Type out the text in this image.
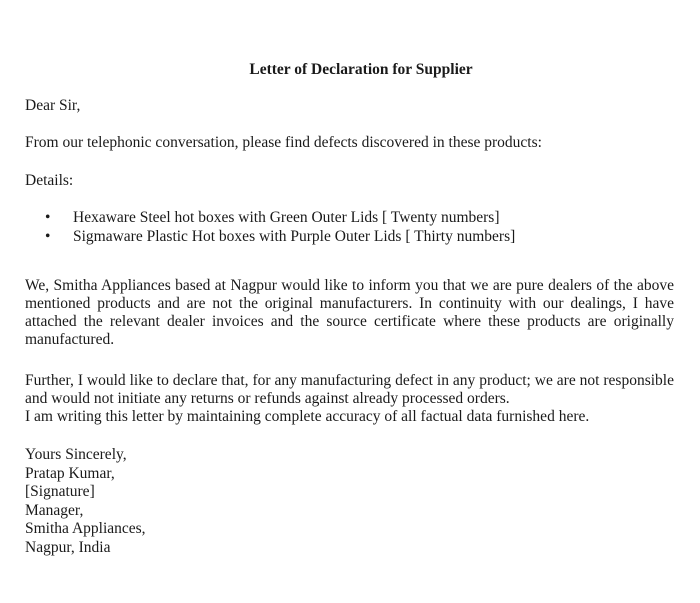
Letter of Declaration for Supplier
Dear Sir,
From our telephonic conversation, please find defects discovered in these products:
Details:
• Hexaware Steel hot boxes with Green Outer Lids [ Twenty numbers]
• Sigmaware Plastic Hot boxes with Purple Outer Lids [ Thirty numbers]
We, Smitha Appliances based at Nagpur would like to inform you that we are pure dealers of the above mentioned products and are not the original manufacturers. In continuity with our dealings, I have attached the relevant dealer invoices and the source certificate where these products are originally manufactured.
Further, I would like to declare that, for any manufacturing defect in any product; we are not responsible and would not initiate any returns or refunds against already processed orders.
I am writing this letter by maintaining complete accuracy of all factual data furnished here.
Yours Sincerely,
Pratap Kumar,
[Signature]
Manager,
Smitha Appliances,
Nagpur, India
